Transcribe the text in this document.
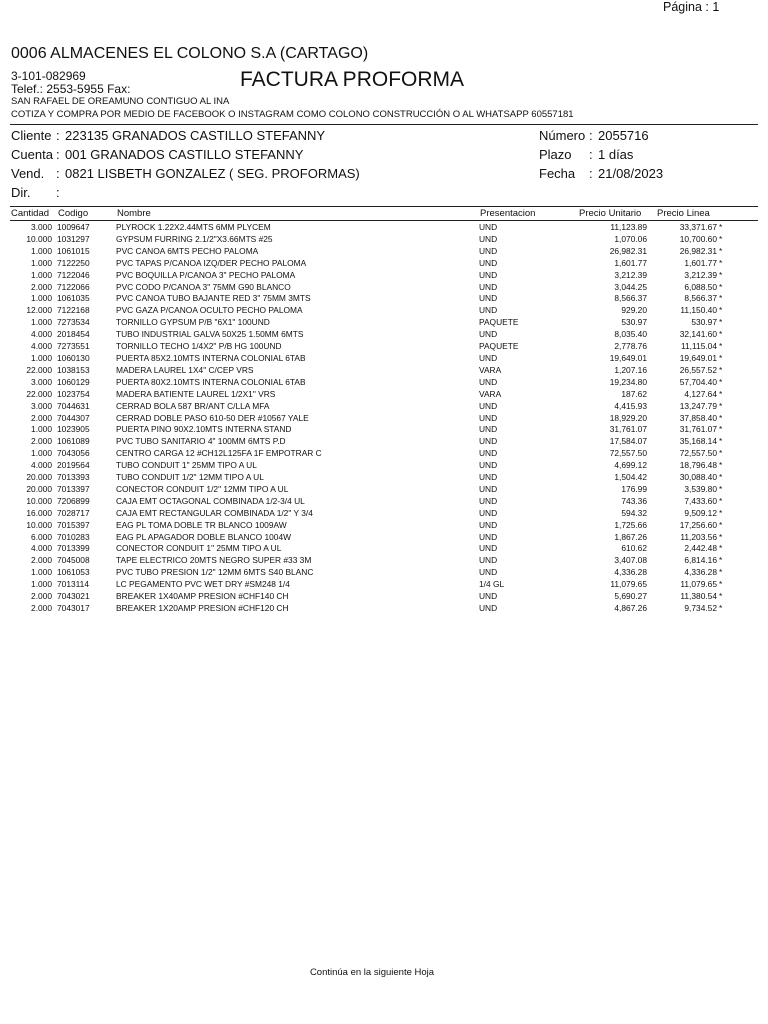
Página : 1
0006 ALMACENES EL COLONO S.A (CARTAGO)
3-101-082969
Telef.: 2553-5955 Fax:	FACTURA PROFORMA
SAN RAFAEL DE OREAMUNO CONTIGUO AL INA
COTIZA Y COMPRA POR MEDIO DE FACEBOOK O INSTAGRAM COMO COLONO CONSTRUCCIÓN O AL WHATSAPP 60557181
Cliente : 223135 GRANADOS CASTILLO STEFANNY	Número : 2055716
Cuenta : 001 GRANADOS CASTILLO STEFANNY	Plazo : 1 días
Vend. : 0821 LISBETH GONZALEZ ( SEG. PROFORMAS)	Fecha : 21/08/2023
Dir. :
Cantidad Codigo	Nombre	Presentacion	Precio Unitario Precio Linea
3.000	1009647	PLYROCK 1.22X2.44MTS 6MM PLYCEM	UND	11,123.89	33,371.67	*
10.000	1031297	GYPSUM FURRING 2.1/2"X3.66MTS #25	UND	1,070.06	10,700.60	*
1.000	1061015	PVC CANOA 6MTS PECHO PALOMA	UND	26,982.31	26,982.31	*
1.000	7122250	PVC TAPAS P/CANOA IZQ/DER PECHO PALOMA	UND	1,601.77	1,601.77	*
1.000	7122046	PVC BOQUILLA P/CANOA 3" PECHO PALOMA	UND	3,212.39	3,212.39	*
2.000	7122066	PVC CODO P/CANOA 3" 75MM G90 BLANCO	UND	3,044.25	6,088.50	*
1.000	1061035	PVC CANOA TUBO BAJANTE RED 3" 75MM 3MTS	UND	8,566.37	8,566.37	*
12.000	7122168	PVC GAZA P/CANOA OCULTO PECHO PALOMA	UND	929.20	11,150.40	*
1.000	7273534	TORNILLO GYPSUM P/B "6X1" 100UND	PAQUETE	530.97	530.97	*
4.000	2018454	TUBO INDUSTRIAL GALVA 50X25 1.50MM 6MTS	UND	8,035.40	32,141.60	*
4.000	7273551	TORNILLO TECHO 1/4X2" P/B HG 100UND	PAQUETE	2,778.76	11,115.04	*
1.000	1060130	PUERTA 85X2.10MTS INTERNA COLONIAL 6TAB	UND	19,649.01	19,649.01	*
22.000	1038153	MADERA LAUREL 1X4" C/CEP VRS	VARA	1,207.16	26,557.52	*
3.000	1060129	PUERTA 80X2.10MTS INTERNA COLONIAL 6TAB	UND	19,234.80	57,704.40	*
22.000	1023754	MADERA BATIENTE LAUREL 1/2X1" VRS	VARA	187.62	4,127.64	*
3.000	7044631	CERRAD BOLA 587 BR/ANT C/LLA MFA	UND	4,415.93	13,247.79	*
2.000	7044307	CERRAD DOBLE PASO 610-50 DER #10567 YALE	UND	18,929.20	37,858.40	*
1.000	1023905	PUERTA PINO 90X2.10MTS INTERNA STAND	UND	31,761.07	31,761.07	*
2.000	1061089	PVC TUBO SANITARIO 4" 100MM 6MTS P.D	UND	17,584.07	35,168.14	*
1.000	7043056	CENTRO CARGA 12 #CH12L125FA 1F EMPOTRAR C	UND	72,557.50	72,557.50	*
4.000	2019564	TUBO CONDUIT 1" 25MM TIPO A UL	UND	4,699.12	18,796.48	*
20.000	7013393	TUBO CONDUIT 1/2" 12MM TIPO A UL	UND	1,504.42	30,088.40	*
20.000	7013397	CONECTOR CONDUIT 1/2" 12MM TIPO A UL	UND	176.99	3,539.80	*
10.000	7206899	CAJA EMT OCTAGONAL COMBINADA 1/2-3/4 UL	UND	743.36	7,433.60	*
16.000	7028717	CAJA EMT RECTANGULAR COMBINADA 1/2" Y 3/4	UND	594.32	9,509.12	*
10.000	7015397	EAG PL TOMA DOBLE TR BLANCO 1009AW	UND	1,725.66	17,256.60	*
6.000	7010283	EAG PL APAGADOR DOBLE BLANCO 1004W	UND	1,867.26	11,203.56	*
4.000	7013399	CONECTOR CONDUIT 1" 25MM TIPO A UL	UND	610.62	2,442.48	*
2.000	7045008	TAPE ELECTRICO 20MTS NEGRO SUPER #33 3M	UND	3,407.08	6,814.16	*
1.000	1061053	PVC TUBO PRESION 1/2" 12MM 6MTS S40 BLANC	UND	4,336.28	4,336.28	*
1.000	7013114	LC PEGAMENTO PVC WET DRY #SM248 1/4	1/4 GL	11,079.65	11,079.65	*
2.000	7043021	BREAKER 1X40AMP PRESION #CHF140 CH	UND	5,690.27	11,380.54	*
2.000	7043017	BREAKER 1X20AMP PRESION #CHF120 CH	UND	4,867.26	9,734.52	*
Continúa en la siguiente Hoja
